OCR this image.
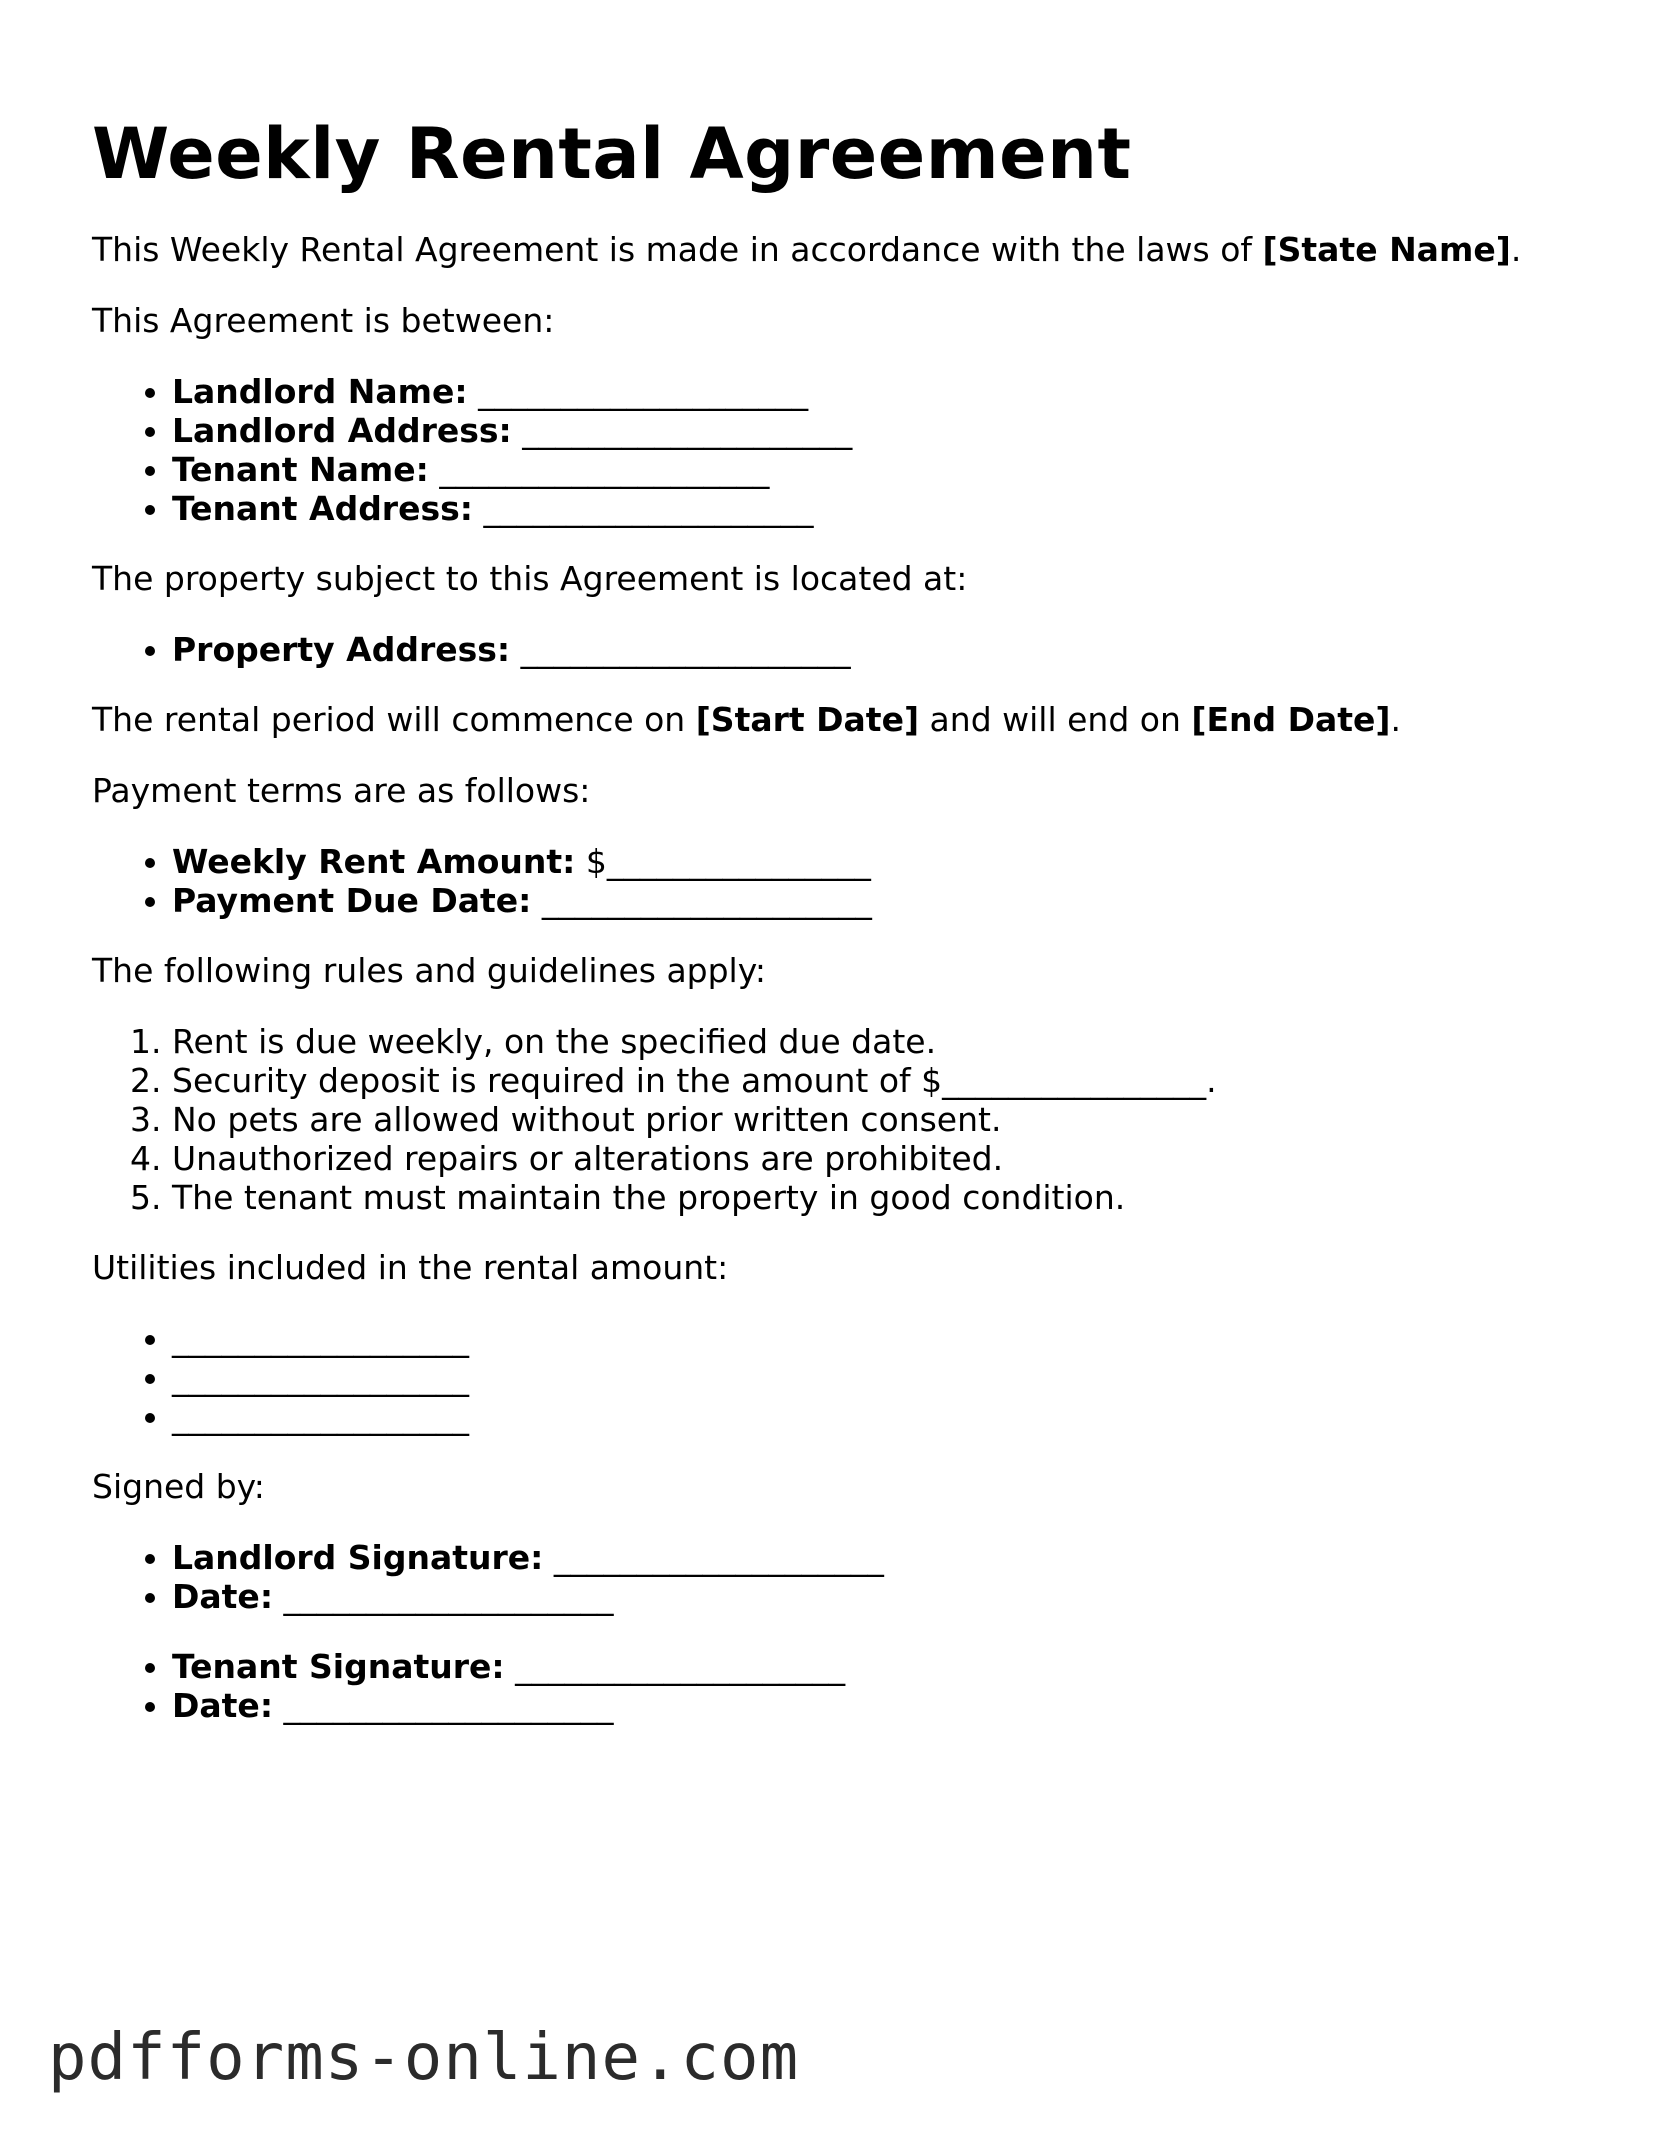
Weekly Rental Agreement

This Weekly Rental Agreement is made in accordance with the laws of [State Name].

This Agreement is between:

• Landlord Name: ____________________
• Landlord Address: ____________________
• Tenant Name: ____________________
• Tenant Address: ____________________

The property subject to this Agreement is located at:

• Property Address: ____________________

The rental period will commence on [Start Date] and will end on [End Date].

Payment terms are as follows:

• Weekly Rent Amount: $________________
• Payment Due Date: ____________________

The following rules and guidelines apply:

1. Rent is due weekly, on the specified due date.
2. Security deposit is required in the amount of $________________.
3. No pets are allowed without prior written consent.
4. Unauthorized repairs or alterations are prohibited.
5. The tenant must maintain the property in good condition.

Utilities included in the rental amount:

• __________________
• __________________
• __________________

Signed by:

• Landlord Signature: ____________________
• Date: ____________________
• Tenant Signature: ____________________
• Date: ____________________
pdfforms-online.com
